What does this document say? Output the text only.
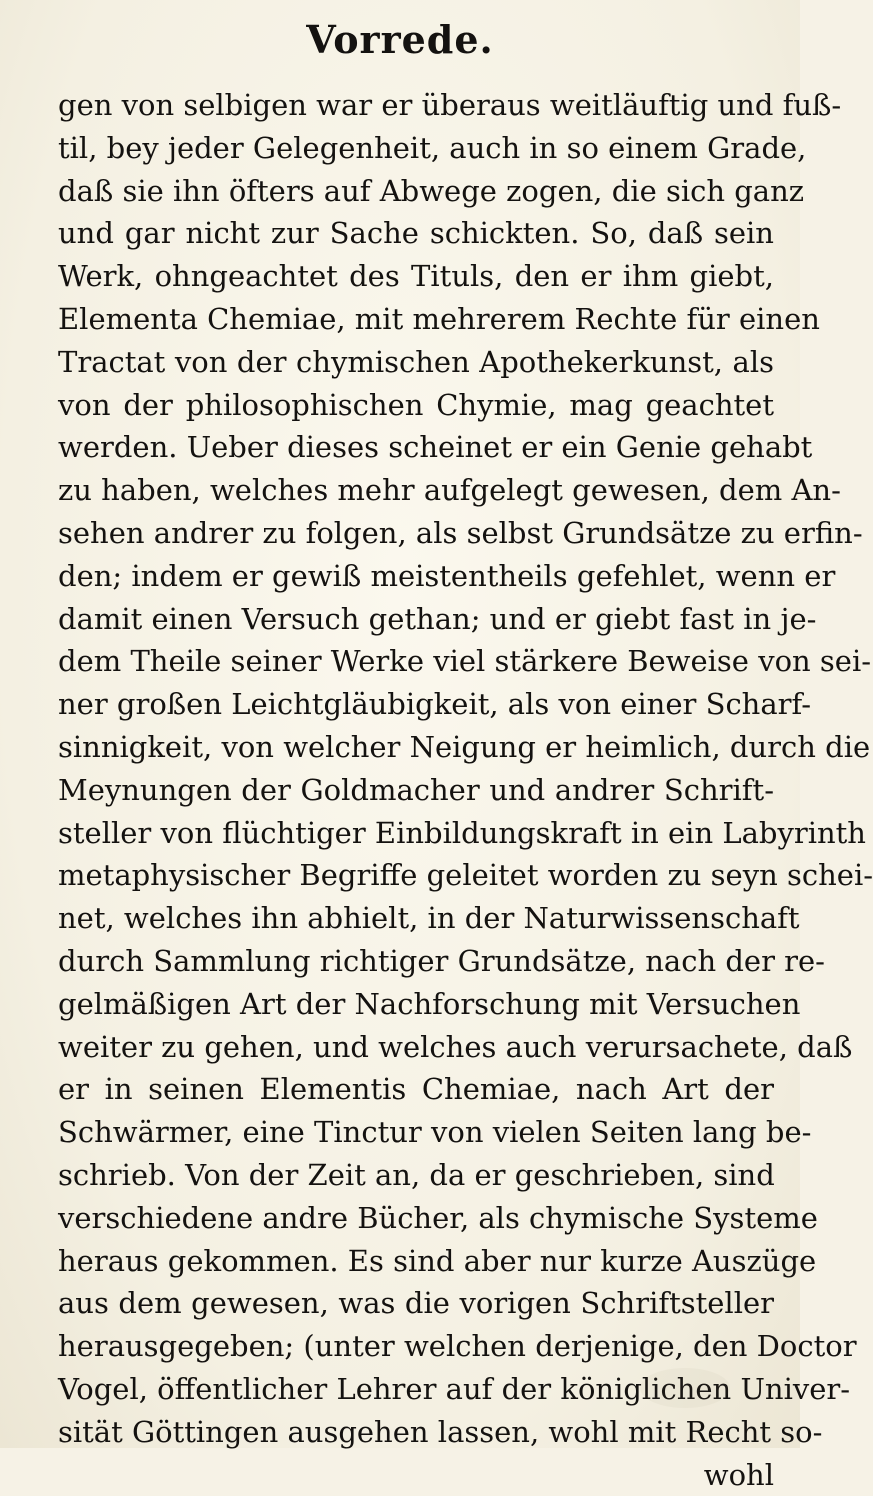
Vorrede.
gen von selbigen war er überaus weitläuftig und fuß-
til, bey jeder Gelegenheit, auch in so einem Grade,
daß sie ihn öfters auf Abwege zogen, die sich ganz
und gar nicht zur Sache schickten. So, daß sein
Werk, ohngeachtet des Tituls, den er ihm giebt,
Elementa Chemiae, mit mehrerem Rechte für einen
Tractat von der chymischen Apothekerkunst, als
von der philosophischen Chymie, mag geachtet
werden. Ueber dieses scheinet er ein Genie gehabt
zu haben, welches mehr aufgelegt gewesen, dem An-
sehen andrer zu folgen, als selbst Grundsätze zu erfin-
den; indem er gewiß meistentheils gefehlet, wenn er
damit einen Versuch gethan; und er giebt fast in je-
dem Theile seiner Werke viel stärkere Beweise von sei-
ner großen Leichtgläubigkeit, als von einer Scharf-
sinnigkeit, von welcher Neigung er heimlich, durch die
Meynungen der Goldmacher und andrer Schrift-
steller von flüchtiger Einbildungskraft in ein Labyrinth
metaphysischer Begriffe geleitet worden zu seyn schei-
net, welches ihn abhielt, in der Naturwissenschaft
durch Sammlung richtiger Grundsätze, nach der re-
gelmäßigen Art der Nachforschung mit Versuchen
weiter zu gehen, und welches auch verursachete, daß
er in seinen Elementis Chemiae, nach Art der
Schwärmer, eine Tinctur von vielen Seiten lang be-
schrieb. Von der Zeit an, da er geschrieben, sind
verschiedene andre Bücher, als chymische Systeme
heraus gekommen. Es sind aber nur kurze Auszüge
aus dem gewesen, was die vorigen Schriftsteller
herausgegeben; (unter welchen derjenige, den Doctor
Vogel, öffentlicher Lehrer auf der königlichen Univer-
sität Göttingen ausgehen lassen, wohl mit Recht so-
wohl
